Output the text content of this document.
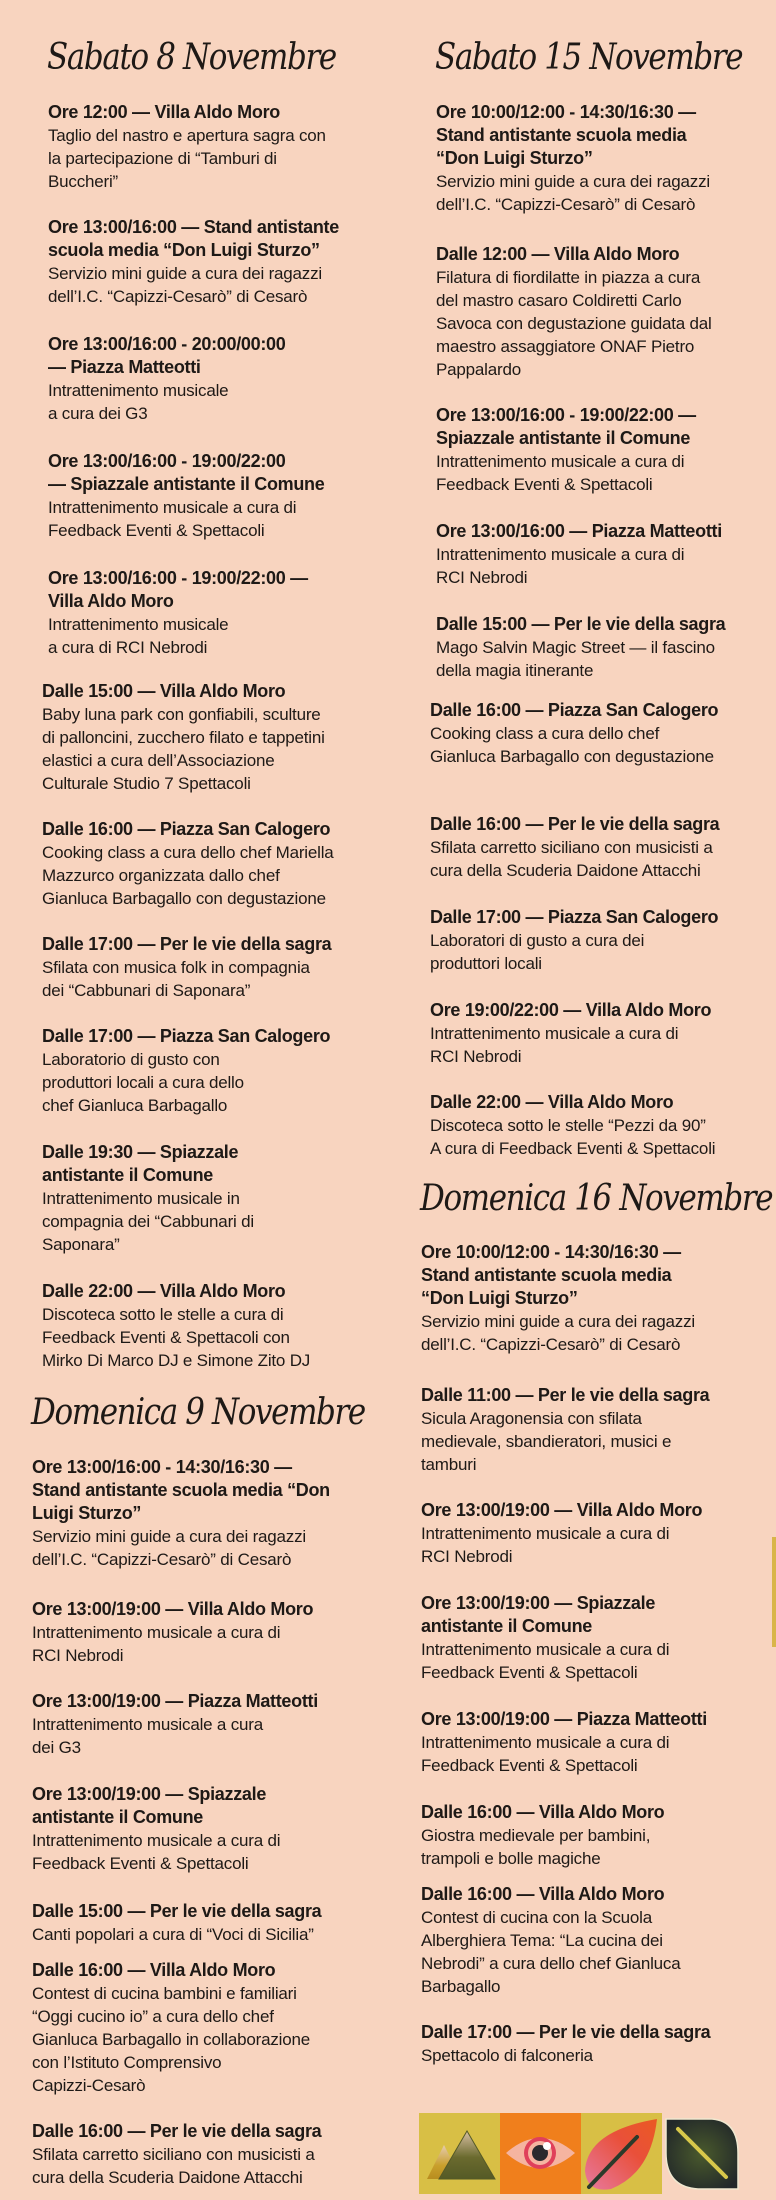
Sabato 8 Novembre
Ore 12:00 — Villa Aldo Moro
Taglio del nastro e apertura sagra con
la partecipazione di “Tamburi di
Buccheri”
Ore 13:00/16:00 — Stand antistante
scuola media “Don Luigi Sturzo”
Servizio mini guide a cura dei ragazzi
dell’I.C. “Capizzi-Cesarò” di Cesarò
Ore 13:00/16:00 - 20:00/00:00
— Piazza Matteotti
Intrattenimento musicale
a cura dei G3
Ore 13:00/16:00 - 19:00/22:00
— Spiazzale antistante il Comune
Intrattenimento musicale a cura di
Feedback Eventi & Spettacoli
Ore 13:00/16:00 - 19:00/22:00 —
Villa Aldo Moro
Intrattenimento musicale
a cura di RCI Nebrodi
Dalle 15:00 — Villa Aldo Moro
Baby luna park con gonfiabili, sculture
di palloncini, zucchero filato e tappetini
elastici a cura dell’Associazione
Culturale Studio 7 Spettacoli
Dalle 16:00 — Piazza San Calogero
Cooking class a cura dello chef Mariella
Mazzurco organizzata dallo chef
Gianluca Barbagallo con degustazione
Dalle 17:00 — Per le vie della sagra
Sfilata con musica folk in compagnia
dei “Cabbunari di Saponara”
Dalle 17:00 — Piazza San Calogero
Laboratorio di gusto con
produttori locali a cura dello
chef Gianluca Barbagallo
Dalle 19:30 — Spiazzale
antistante il Comune
Intrattenimento musicale in
compagnia dei “Cabbunari di
Saponara”
Dalle 22:00 — Villa Aldo Moro
Discoteca sotto le stelle a cura di
Feedback Eventi & Spettacoli con
Mirko Di Marco DJ e Simone Zito DJ
Domenica 9 Novembre
Ore 13:00/16:00 - 14:30/16:30 —
Stand antistante scuola media “Don
Luigi Sturzo”
Servizio mini guide a cura dei ragazzi
dell’I.C. “Capizzi-Cesarò” di Cesarò
Ore 13:00/19:00 — Villa Aldo Moro
Intrattenimento musicale a cura di
RCI Nebrodi
Ore 13:00/19:00 — Piazza Matteotti
Intrattenimento musicale a cura
dei G3
Ore 13:00/19:00 — Spiazzale
antistante il Comune
Intrattenimento musicale a cura di
Feedback Eventi & Spettacoli
Dalle 15:00 — Per le vie della sagra
Canti popolari a cura di “Voci di Sicilia”
Dalle 16:00 — Villa Aldo Moro
Contest di cucina bambini e familiari
“Oggi cucino io” a cura dello chef
Gianluca Barbagallo in collaborazione
con l’Istituto Comprensivo
Capizzi-Cesarò
Dalle 16:00 — Per le vie della sagra
Sfilata carretto siciliano con musicisti a
cura della Scuderia Daidone Attacchi
Sabato 15 Novembre
Ore 10:00/12:00 - 14:30/16:30 —
Stand antistante scuola media
“Don Luigi Sturzo”
Servizio mini guide a cura dei ragazzi
dell’I.C. “Capizzi-Cesarò” di Cesarò
Dalle 12:00 — Villa Aldo Moro
Filatura di fiordilatte in piazza a cura
del mastro casaro Coldiretti Carlo
Savoca con degustazione guidata dal
maestro assaggiatore ONAF Pietro
Pappalardo
Ore 13:00/16:00 - 19:00/22:00 —
Spiazzale antistante il Comune
Intrattenimento musicale a cura di
Feedback Eventi & Spettacoli
Ore 13:00/16:00 — Piazza Matteotti
Intrattenimento musicale a cura di
RCI Nebrodi
Dalle 15:00 — Per le vie della sagra
Mago Salvin Magic Street — il fascino
della magia itinerante
Dalle 16:00 — Piazza San Calogero
Cooking class a cura dello chef
Gianluca Barbagallo con degustazione
Dalle 16:00 — Per le vie della sagra
Sfilata carretto siciliano con musicisti a
cura della Scuderia Daidone Attacchi
Dalle 17:00 — Piazza San Calogero
Laboratori di gusto a cura dei
produttori locali
Ore 19:00/22:00 — Villa Aldo Moro
Intrattenimento musicale a cura di
RCI Nebrodi
Dalle 22:00 — Villa Aldo Moro
Discoteca sotto le stelle “Pezzi da 90”
A cura di Feedback Eventi & Spettacoli
Domenica 16 Novembre
Ore 10:00/12:00 - 14:30/16:30 —
Stand antistante scuola media
“Don Luigi Sturzo”
Servizio mini guide a cura dei ragazzi
dell’I.C. “Capizzi-Cesarò” di Cesarò
Dalle 11:00 — Per le vie della sagra
Sicula Aragonensia con sfilata
medievale, sbandieratori, musici e
tamburi
Ore 13:00/19:00 — Villa Aldo Moro
Intrattenimento musicale a cura di
RCI Nebrodi
Ore 13:00/19:00 — Spiazzale
antistante il Comune
Intrattenimento musicale a cura di
Feedback Eventi & Spettacoli
Ore 13:00/19:00 — Piazza Matteotti
Intrattenimento musicale a cura di
Feedback Eventi & Spettacoli
Dalle 16:00 — Villa Aldo Moro
Giostra medievale per bambini,
trampoli e bolle magiche
Dalle 16:00 — Villa Aldo Moro
Contest di cucina con la Scuola
Alberghiera Tema: “La cucina dei
Nebrodi” a cura dello chef Gianluca
Barbagallo
Dalle 17:00 — Per le vie della sagra
Spettacolo di falconeria
